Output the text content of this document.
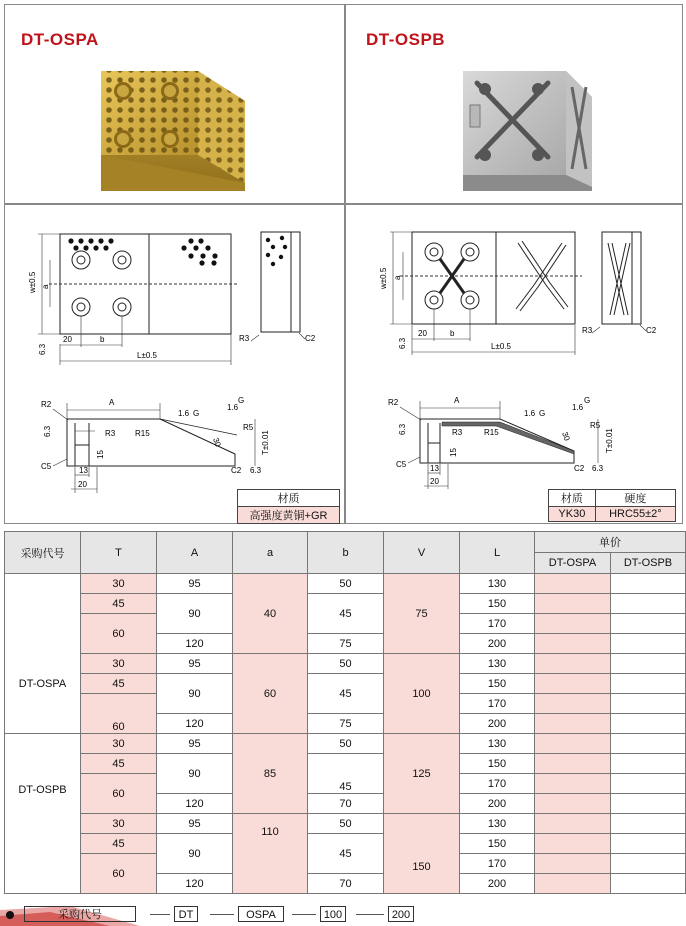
DT-OSPA	DT-OSPB
w±0.5 a
20	b
L±0.5
6.3
R3	C2
A
R2
R3 R15
1.6 G
1.6
G
30
R5
T±0.01
6.3
C5	C2 6.3
15
13
20
材质
高强度黄铜+GR
w±0.5 a
20	b
L±0.5
6.3
R3	C2
A
R2
R3	R15
1.6 G
1.6
G
30
R5
T±0.01
6.3
C5	C2 6.3
15
13
20
材质	硬度
YK30	HRC55±2°
采购代号	T	A	a	b	V	L	单价	
							DT-OSPA	DT-OSPB
DT-OSPA	30	95	40	50	75	130		
	45	90		45		150		
	60					170		
		120		75		200		
	30	95	60	50	100	130		
	45	90		45		150		
	60					170		
		120		75		200		
DT-OSPB	30	95	85	50	125	130		
	45	90		45		150		
	60					170		
		120		70		200		
	30	95	110	50	150	130		
	45	90		45		150		
	60					170		
		120		70		200		
采购代号	DT	OSPA	100	200
